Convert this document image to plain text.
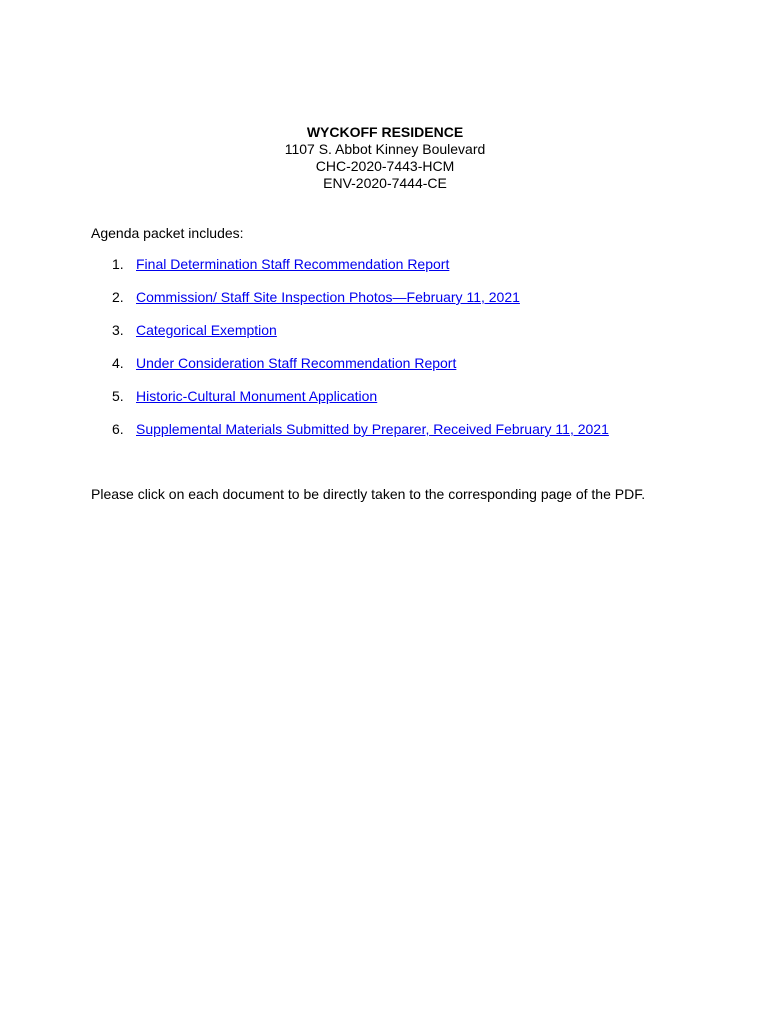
WYCKOFF RESIDENCE
1107 S. Abbot Kinney Boulevard
CHC-2020-7443-HCM
ENV-2020-7444-CE
Agenda packet includes:
1. Final Determination Staff Recommendation Report
2. Commission/ Staff Site Inspection Photos—February 11, 2021
3. Categorical Exemption
4. Under Consideration Staff Recommendation Report
5. Historic-Cultural Monument Application
6. Supplemental Materials Submitted by Preparer, Received February 11, 2021
Please click on each document to be directly taken to the corresponding page of the PDF.
